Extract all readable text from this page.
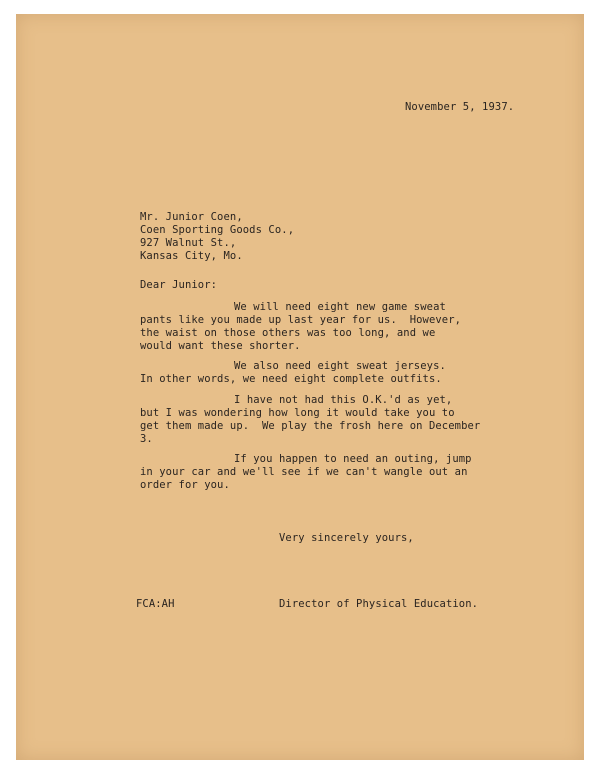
November 5, 1937.
Mr. Junior Coen,
Coen Sporting Goods Co.,
927 Walnut St.,
Kansas City, Mo.
Dear Junior:
We will need eight new game sweat
pants like you made up last year for us.  However,
the waist on those others was too long, and we
would want these shorter.
We also need eight sweat jerseys.
In other words, we need eight complete outfits.
I have not had this O.K.'d as yet,
but I was wondering how long it would take you to
get them made up.  We play the frosh here on December
3.
If you happen to need an outing, jump
in your car and we'll see if we can't wangle out an
order for you.
Very sincerely yours,
FCA:AH	Director of Physical Education.
